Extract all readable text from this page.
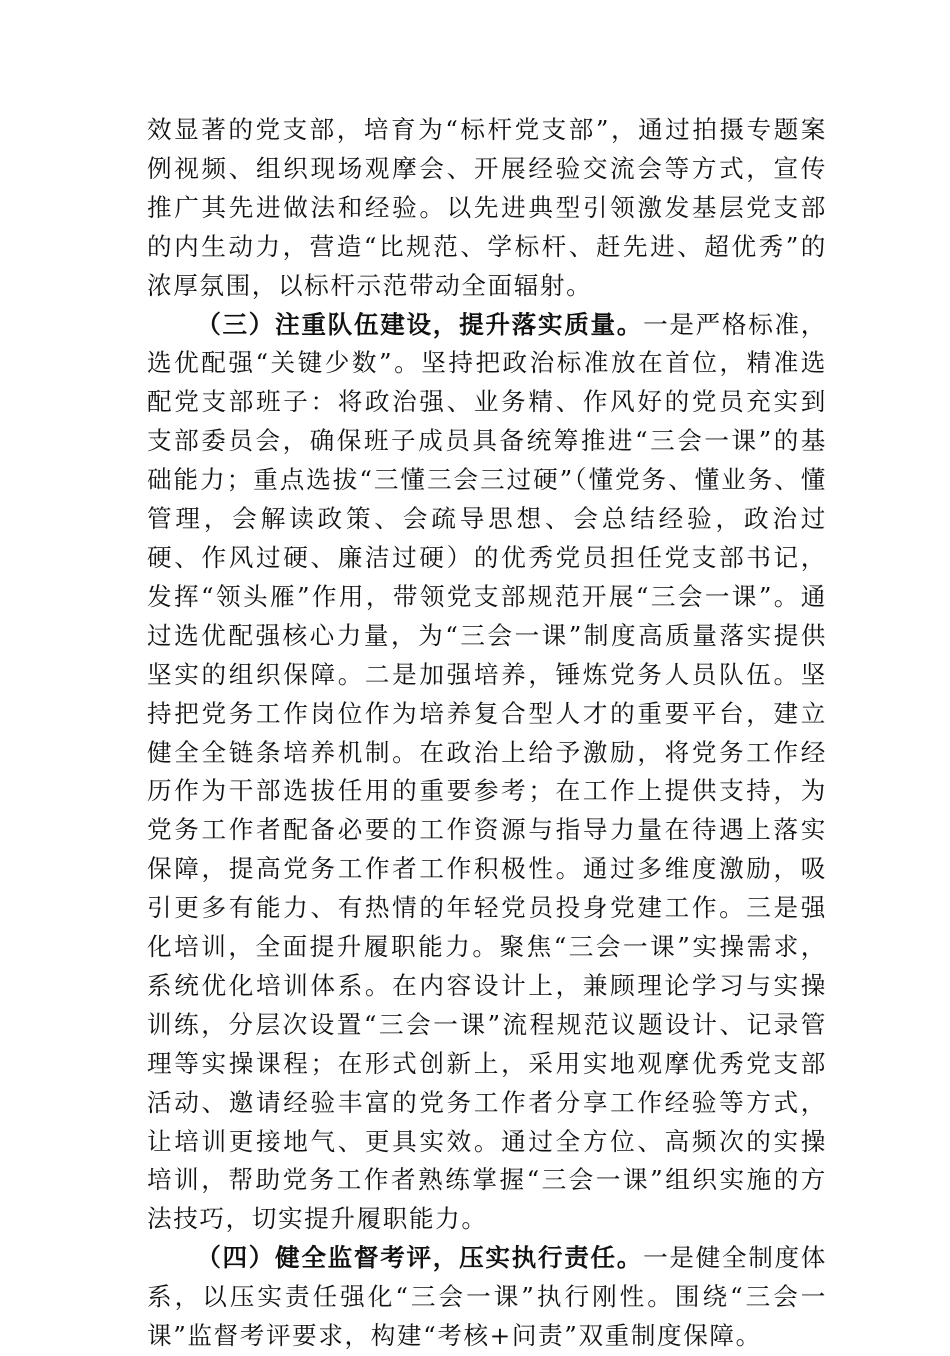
效显著的党支部，培育为“标杆党支部”，通过拍摄专题案例视频、组织现场观摩会、开展经验交流会等方式，宣传推广其先进做法和经验。以先进典型引领激发基层党支部的内生动力，营造“比规范、学标杆、赶先进、超优秀”的浓厚氛围，以标杆示范带动全面辐射。

（三）注重队伍建设，提升落实质量。一是严格标准，选优配强“关键少数”。坚持把政治标准放在首位，精准选配党支部班子：将政治强、业务精、作风好的党员充实到支部委员会，确保班子成员具备统筹推进“三会一课”的基础能力；重点选拔“三懂三会三过硬”（懂党务、懂业务、懂管理，会解读政策、会疏导思想、会总结经验，政治过硬、作风过硬、廉洁过硬）的优秀党员担任党支部书记，发挥“领头雁”作用，带领党支部规范开展“三会一课”。通过选优配强核心力量，为“三会一课”制度高质量落实提供坚实的组织保障。二是加强培养，锤炼党务人员队伍。坚持把党务工作岗位作为培养复合型人才的重要平台，建立健全全链条培养机制。在政治上给予激励，将党务工作经历作为干部选拔任用的重要参考；在工作上提供支持，为党务工作者配备必要的工作资源与指导力量在待遇上落实保障，提高党务工作者工作积极性。通过多维度激励，吸引更多有能力、有热情的年轻党员投身党建工作。三是强化培训，全面提升履职能力。聚焦“三会一课”实操需求，系统优化培训体系。在内容设计上，兼顾理论学习与实操训练，分层次设置“三会一课”流程规范议题设计、记录管理等实操课程；在形式创新上，采用实地观摩优秀党支部活动、邀请经验丰富的党务工作者分享工作经验等方式，让培训更接地气、更具实效。通过全方位、高频次的实操培训，帮助党务工作者熟练掌握“三会一课”组织实施的方法技巧，切实提升履职能力。

（四）健全监督考评，压实执行责任。一是健全制度体系，以压实责任强化“三会一课”执行刚性。围绕“三会一课”监督考评要求，构建“考核+问责”双重制度保障。
